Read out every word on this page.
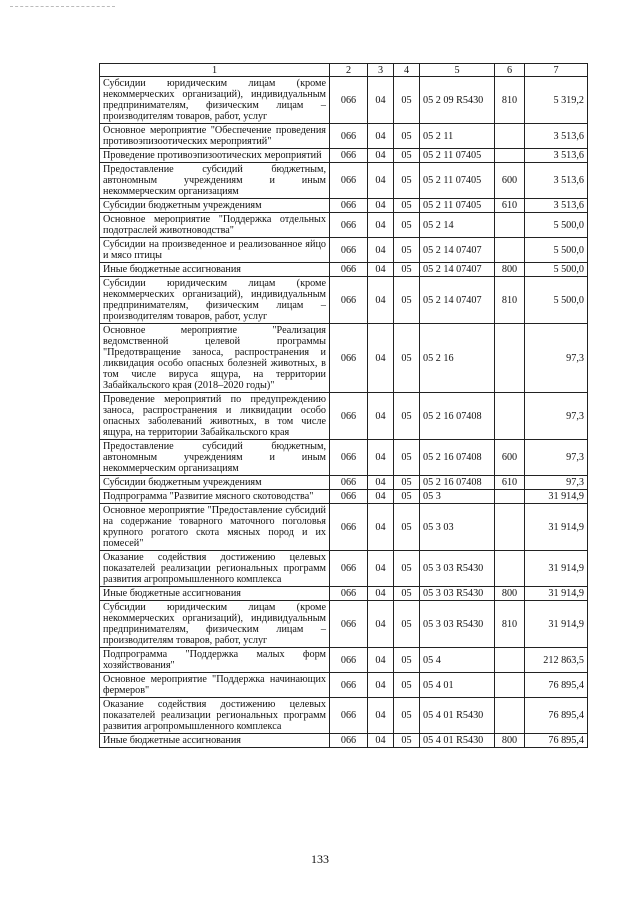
1	2	3	4	5	6	7
Субсидии юридическим лицам (кроме некоммерческих организаций), индивидуальным предпринимателям, физическим лицам – производителям товаров, работ, услуг	066	04	05	05 2 09 R5430	810	5 319,2
Основное мероприятие "Обеспечение проведения противоэпизоотических мероприятий"	066	04	05	05 2 11		3 513,6
Проведение противоэпизоотических мероприятий	066	04	05	05 2 11 07405		3 513,6
Предоставление субсидий бюджетным, автономным учреждениям и иным некоммерческим организациям	066	04	05	05 2 11 07405	600	3 513,6
Субсидии бюджетным учреждениям	066	04	05	05 2 11 07405	610	3 513,6
Основное мероприятие "Поддержка отдельных подотраслей животноводства"	066	04	05	05 2 14		5 500,0
Субсидии на произведенное и реализованное яйцо и мясо птицы	066	04	05	05 2 14 07407		5 500,0
Иные бюджетные ассигнования	066	04	05	05 2 14 07407	800	5 500,0
Субсидии юридическим лицам (кроме некоммерческих организаций), индивидуальным предпринимателям, физическим лицам – производителям товаров, работ, услуг	066	04	05	05 2 14 07407	810	5 500,0
Основное мероприятие "Реализация ведомственной целевой программы "Предотвращение заноса, распространения и ликвидация особо опасных болезней животных, в том числе вируса ящура, на территории Забайкальского края (2018–2020 годы)"	066	04	05	05 2 16		97,3
Проведение мероприятий по предупреждению заноса, распространения и ликвидации особо опасных заболеваний животных, в том числе ящура, на территории Забайкальского края	066	04	05	05 2 16 07408		97,3
Предоставление субсидий бюджетным, автономным учреждениям и иным некоммерческим организациям	066	04	05	05 2 16 07408	600	97,3
Субсидии бюджетным учреждениям	066	04	05	05 2 16 07408	610	97,3
Подпрограмма "Развитие мясного скотоводства"	066	04	05	05 3		31 914,9
Основное мероприятие "Предоставление субсидий на содержание товарного маточного поголовья крупного рогатого скота мясных пород и их помесей"	066	04	05	05 3 03		31 914,9
Оказание содействия достижению целевых показателей реализации региональных программ развития агропромышленного комплекса	066	04	05	05 3 03 R5430		31 914,9
Иные бюджетные ассигнования	066	04	05	05 3 03 R5430	800	31 914,9
Субсидии юридическим лицам (кроме некоммерческих организаций), индивидуальным предпринимателям, физическим лицам – производителям товаров, работ, услуг	066	04	05	05 3 03 R5430	810	31 914,9
Подпрограмма "Поддержка малых форм хозяйствования"	066	04	05	05 4		212 863,5
Основное мероприятие "Поддержка начинающих фермеров"	066	04	05	05 4 01		76 895,4
Оказание содействия достижению целевых показателей реализации региональных программ развития агропромышленного комплекса	066	04	05	05 4 01 R5430		76 895,4
Иные бюджетные ассигнования	066	04	05	05 4 01 R5430	800	76 895,4
133
